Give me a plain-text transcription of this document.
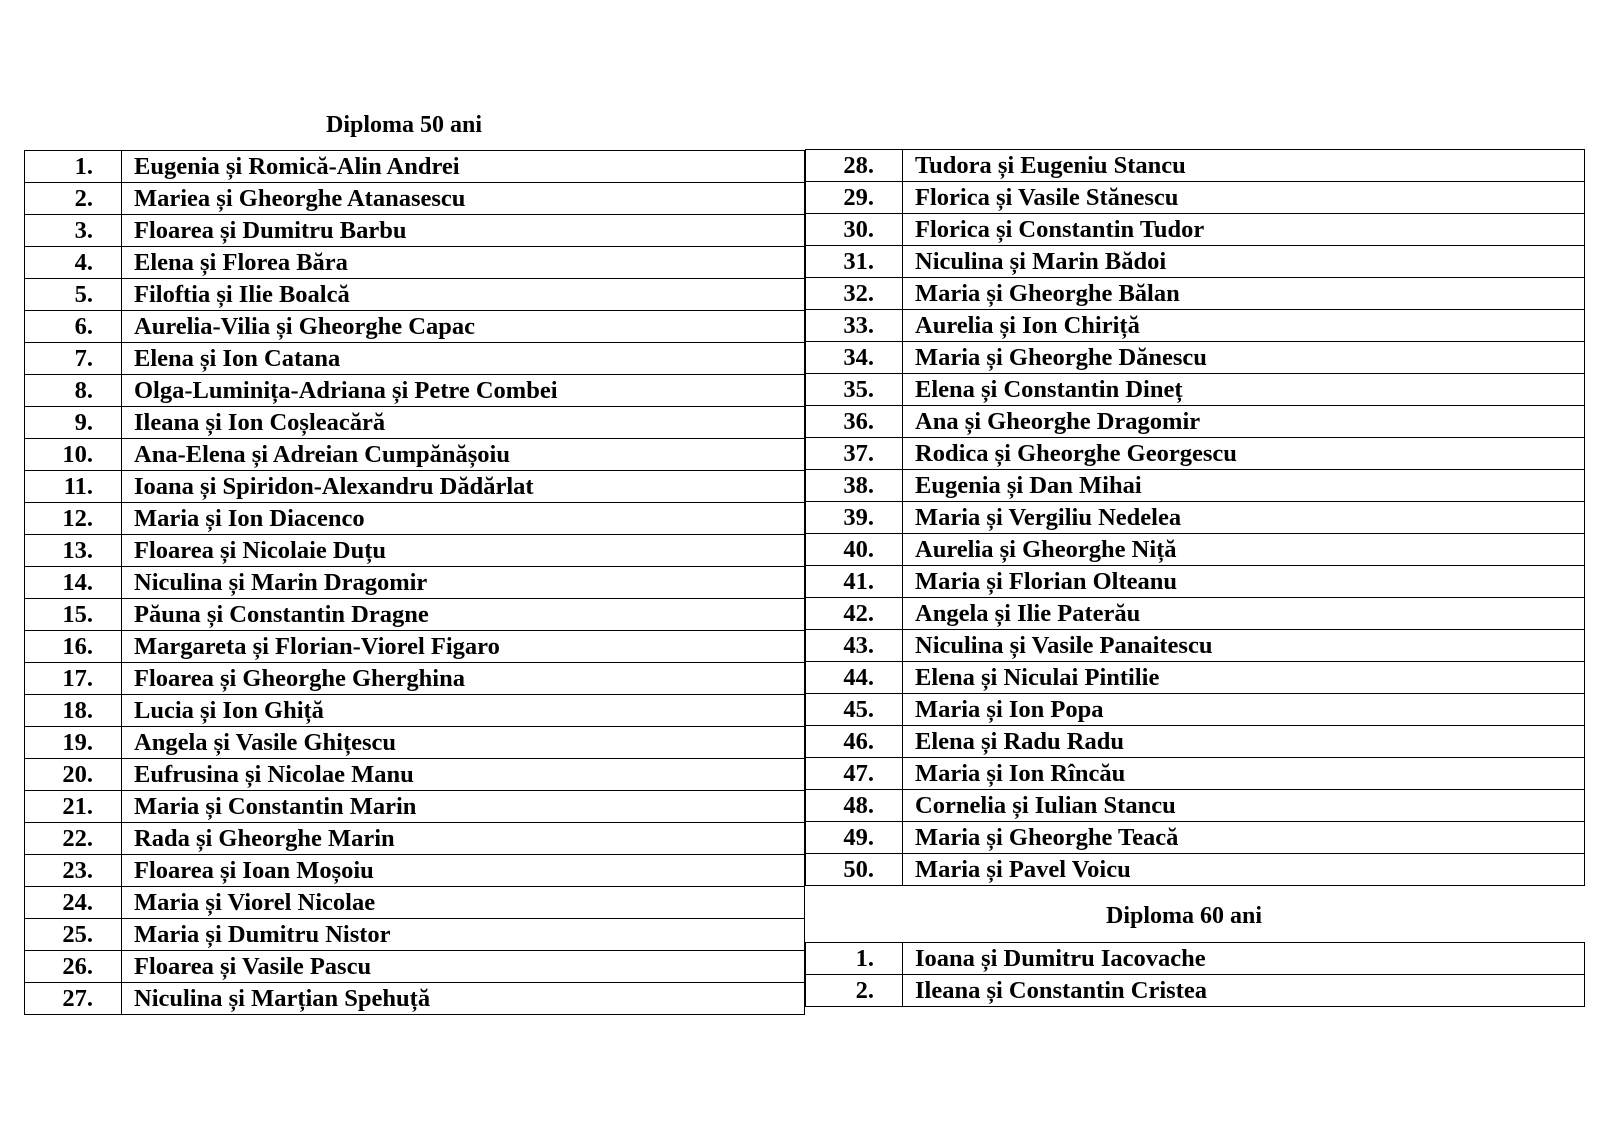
Diploma 50 ani
Diploma 60 ani
1.	Eugenia și Romică-Alin Andrei
2.	Mariea și Gheorghe Atanasescu
3.	Floarea și Dumitru Barbu
4.	Elena și Florea Băra
5.	Filoftia și Ilie Boalcă
6.	Aurelia-Vilia și Gheorghe Capac
7.	Elena și Ion Catana
8.	Olga-Luminița-Adriana și Petre Combei
9.	Ileana și Ion Coșleacără
10.	Ana-Elena și Adreian Cumpănășoiu
11.	Ioana și Spiridon-Alexandru Dădărlat
12.	Maria și Ion Diacenco
13.	Floarea și Nicolaie Duțu
14.	Niculina și Marin Dragomir
15.	Păuna și Constantin Dragne
16.	Margareta și Florian-Viorel Figaro
17.	Floarea și Gheorghe Gherghina
18.	Lucia și Ion Ghiță
19.	Angela și Vasile Ghițescu
20.	Eufrusina și Nicolae Manu
21.	Maria și Constantin Marin
22.	Rada și Gheorghe Marin
23.	Floarea și Ioan Moșoiu
24.	Maria și Viorel Nicolae
25.	Maria și Dumitru Nistor
26.	Floarea și Vasile Pascu
27.	Niculina și Marțian Spehuță
28.	Tudora și Eugeniu Stancu
29.	Florica și Vasile Stănescu
30.	Florica și Constantin Tudor
31.	Niculina și Marin Bădoi
32.	Maria și Gheorghe Bălan
33.	Aurelia și Ion Chiriță
34.	Maria și Gheorghe Dănescu
35.	Elena și Constantin Dineț
36.	Ana și Gheorghe Dragomir
37.	Rodica și Gheorghe Georgescu
38.	Eugenia și Dan Mihai
39.	Maria și Vergiliu Nedelea
40.	Aurelia și Gheorghe Niță
41.	Maria și Florian Olteanu
42.	Angela și Ilie Paterău
43.	Niculina și Vasile Panaitescu
44.	Elena și Niculai Pintilie
45.	Maria și Ion Popa
46.	Elena și Radu Radu
47.	Maria și Ion Rîncău
48.	Cornelia și Iulian Stancu
49.	Maria și Gheorghe Teacă
50.	Maria și Pavel Voicu
1.	Ioana și Dumitru Iacovache
2.	Ileana și Constantin Cristea
